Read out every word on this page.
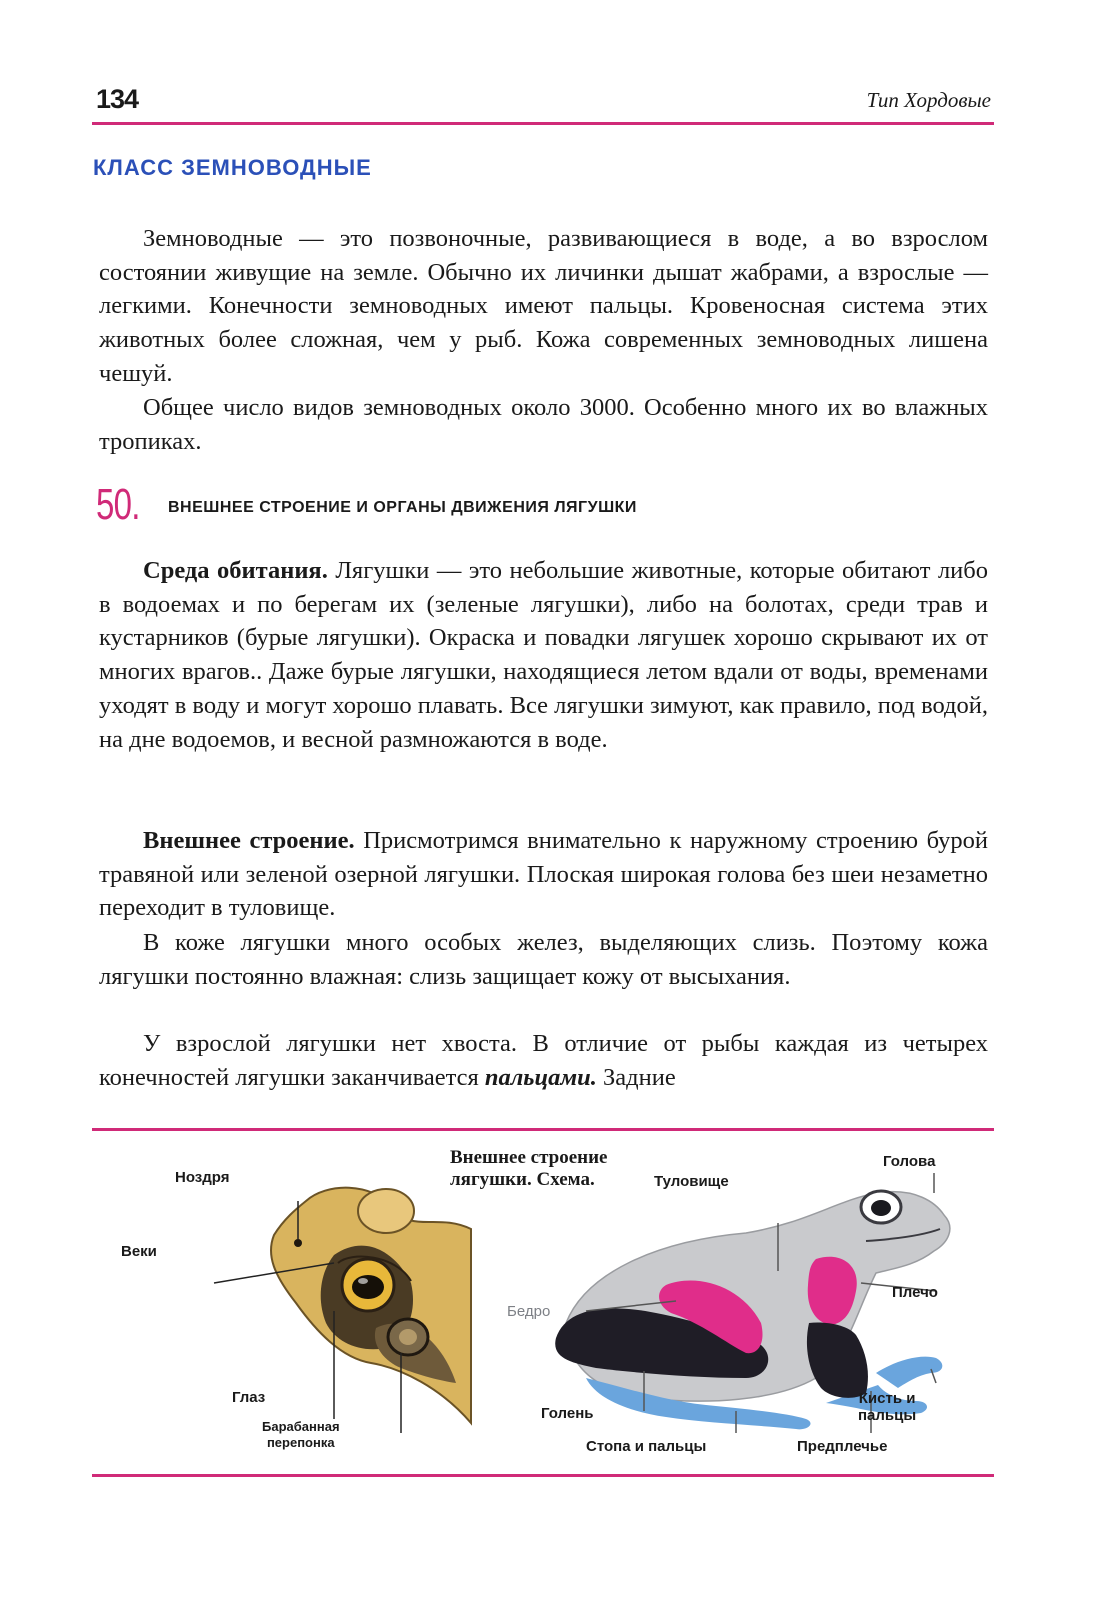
134	Тип Хордовые
КЛАСС ЗЕМНОВОДНЫЕ
Земноводные — это позвоночные, развивающиеся в воде, а во взрослом состоянии живущие на земле. Обычно их личинки дышат жабрами, а взрослые — легкими. Конечности земноводных имеют пальцы. Кровеносная система этих животных более сложная, чем у рыб. Кожа современных земноводных лишена чешуй.
Общее число видов земноводных около 3000. Особенно много их во влажных тропиках.
50. ВНЕШНЕЕ СТРОЕНИЕ И ОРГАНЫ ДВИЖЕНИЯ ЛЯГУШКИ
Среда обитания. Лягушки — это небольшие животные, которые обитают либо в водоемах и по берегам их (зеленые лягушки), либо на болотах, среди трав и кустарников (бурые лягушки). Окраска и повадки лягушек хорошо скрывают их от многих врагов.. Даже бурые лягушки, находящиеся летом вдали от воды, временами уходят в воду и могут хорошо плавать. Все лягушки зимуют, как правило, под водой, на дне водоемов, и весной размножаются в воде.
Внешнее строение. Присмотримся внимательно к наружному строению бурой травяной или зеленой озерной лягушки. Плоская широкая голова без шеи незаметно переходит в туловище.
В коже лягушки много особых желез, выделяющих слизь. Поэтому кожа лягушки постоянно влажная: слизь защищает кожу от высыхания.
У взрослой лягушки нет хвоста. В отличие от рыбы каждая из четырех конечностей лягушки заканчивается пальцами. Задние
Ноздря
Веки
Глаз
Барабанная
перепонка
Внешнее строение
лягушки. Схема.
Голова
Туловище
Плечо
Бедро
Голень
Стопа и пальцы	Предплечье
Кисть и
пальцы
